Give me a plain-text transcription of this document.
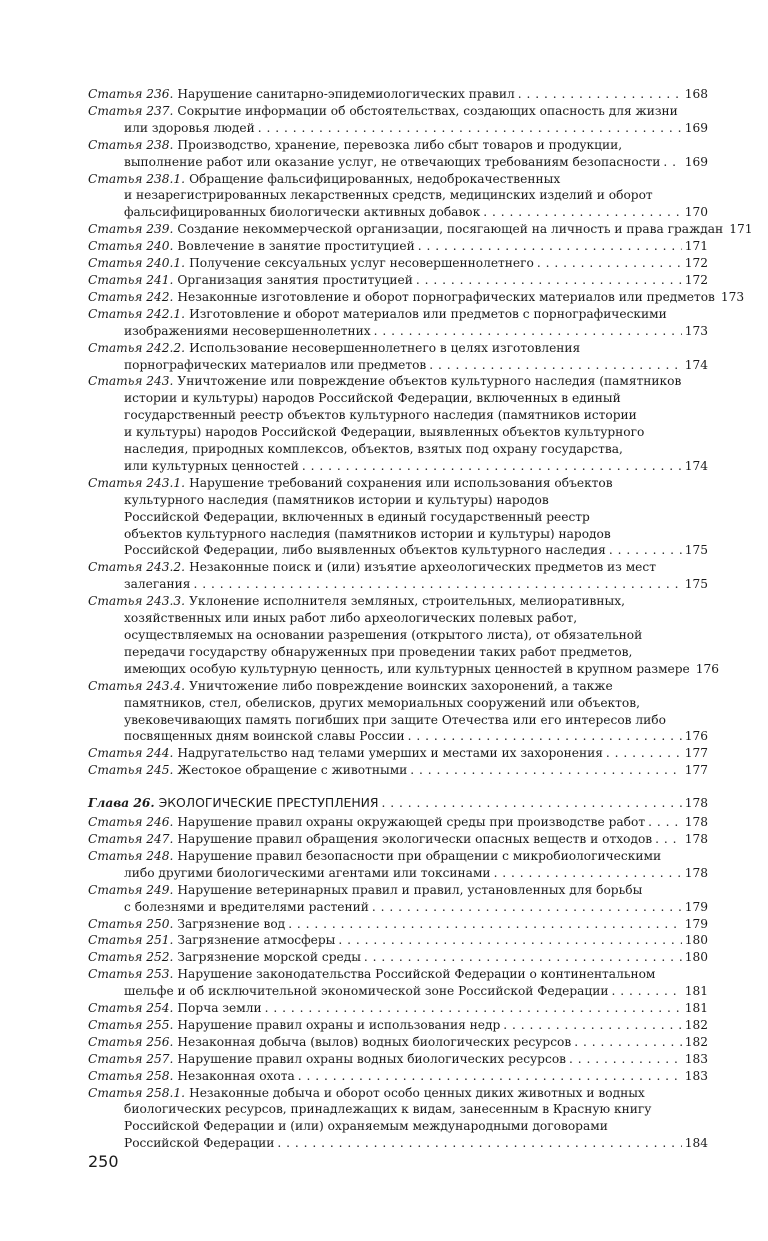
Статья 236. Нарушение санитарно-эпидемиологических правил . . .	168
Статья 237. Сокрытие информации об обстоятельствах, создающих опасность для жизни
или здоровья людей . . .	169
Статья 238. Производство, хранение, перевозка либо сбыт товаров и продукции,
выполнение работ или оказание услуг, не отвечающих требованиям безопасности . . . 169
Статья 238.1. Обращение фальсифицированных, недоброкачественных
и незарегистрированных лекарственных средств, медицинских изделий и оборот
фальсифицированных биологически активных добавок . . .	170
Статья 239. Создание некоммерческой организации, посягающей на личность и права граждан 171
Статья 240. Вовлечение в занятие проституцией . . .	171
Статья 240.1. Получение сексуальных услуг несовершеннолетнего . . .	172
Статья 241. Организация занятия проституцией . . .	172
Статья 242. Незаконные изготовление и оборот порнографических материалов или предметов 173
Статья 242.1. Изготовление и оборот материалов или предметов с порнографическими
изображениями несовершеннолетних . . .	173
Статья 242.2. Использование несовершеннолетнего в целях изготовления
порнографических материалов или предметов . . .	174
Статья 243. Уничтожение или повреждение объектов культурного наследия (памятников
истории и культуры) народов Российской Федерации, включенных в единый
государственный реестр объектов культурного наследия (памятников истории
и культуры) народов Российской Федерации, выявленных объектов культурного
наследия, природных комплексов, объектов, взятых под охрану государства,
или культурных ценностей . . .	174
Статья 243.1. Нарушение требований сохранения или использования объектов
культурного наследия (памятников истории и культуры) народов
Российской Федерации, включенных в единый государственный реестр
объектов культурного наследия (памятников истории и культуры) народов
Российской Федерации, либо выявленных объектов культурного наследия . . .	175
Статья 243.2. Незаконные поиск и (или) изъятие археологических предметов из мест
залегания . . .	175
Статья 243.3. Уклонение исполнителя земляных, строительных, мелиоративных,
хозяйственных или иных работ либо археологических полевых работ,
осуществляемых на основании разрешения (открытого листа), от обязательной
передачи государству обнаруженных при проведении таких работ предметов,
имеющих особую культурную ценность, или культурных ценностей в крупном размере 176
Статья 243.4. Уничтожение либо повреждение воинских захоронений, а также
памятников, стел, обелисков, других мемориальных сооружений или объектов,
увековечивающих память погибших при защите Отечества или его интересов либо
посвященных дням воинской славы России . . .	176
Статья 244. Надругательство над телами умерших и местами их захоронения . . .	177
Статья 245. Жестокое обращение с животными . . .	177
Глава 26. ЭКОЛОГИЧЕСКИЕ ПРЕСТУПЛЕНИЯ . . .	178
Статья 246. Нарушение правил охраны окружающей среды при производстве работ . . .	178
Статья 247. Нарушение правил обращения экологически опасных веществ и отходов . . .	178
Статья 248. Нарушение правил безопасности при обращении с микробиологическими
либо другими биологическими агентами или токсинами . . .	178
Статья 249. Нарушение ветеринарных правил и правил, установленных для борьбы
с болезнями и вредителями растений . . .	179
Статья 250. Загрязнение вод . . .	179
Статья 251. Загрязнение атмосферы . . .	180
Статья 252. Загрязнение морской среды . . .	180
Статья 253. Нарушение законодательства Российской Федерации о континентальном
шельфе и об исключительной экономической зоне Российской Федерации . . .	181
Статья 254. Порча земли . . .	181
Статья 255. Нарушение правил охраны и использования недр . . .	182
Статья 256. Незаконная добыча (вылов) водных биологических ресурсов . . .	182
Статья 257. Нарушение правил охраны водных биологических ресурсов . . .	183
Статья 258. Незаконная охота . . .	183
Статья 258.1. Незаконные добыча и оборот особо ценных диких животных и водных
биологических ресурсов, принадлежащих к видам, занесенным в Красную книгу
Российской Федерации и (или) охраняемым международными договорами
Российской Федерации . . .	184
250
